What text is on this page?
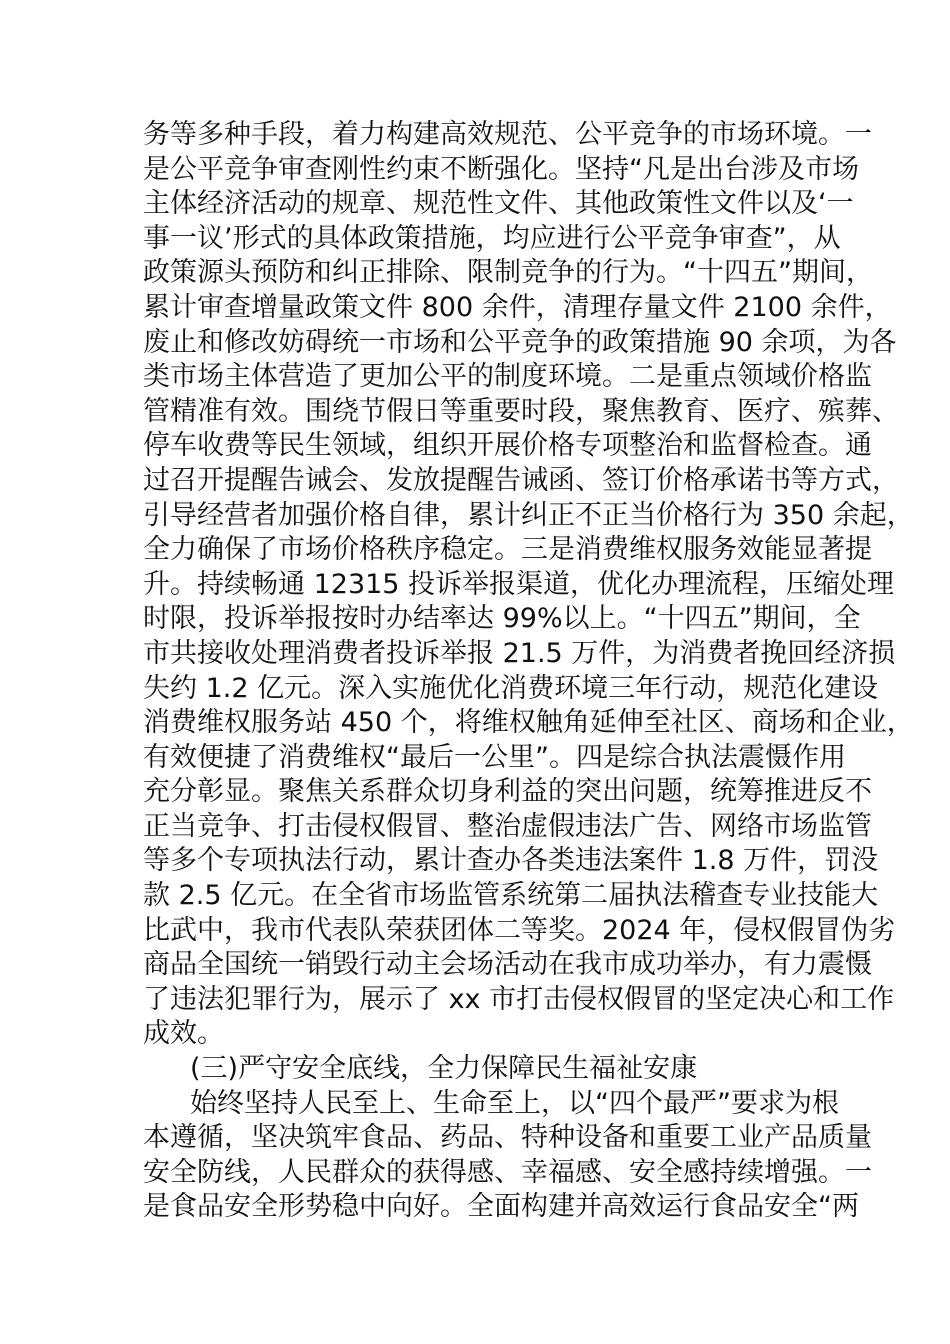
务等多种手段，着力构建高效规范、公平竞争的市场环境。一
是公平竞争审查刚性约束不断强化。坚持“凡是出台涉及市场
主体经济活动的规章、规范性文件、其他政策性文件以及‘一
事一议’形式的具体政策措施，均应进行公平竞争审查”，从
政策源头预防和纠正排除、限制竞争的行为。“十四五”期间，
累计审查增量政策文件 800 余件，清理存量文件 2100 余件，
废止和修改妨碍统一市场和公平竞争的政策措施 90 余项，为各
类市场主体营造了更加公平的制度环境。二是重点领域价格监
管精准有效。围绕节假日等重要时段，聚焦教育、医疗、殡葬、
停车收费等民生领域，组织开展价格专项整治和监督检查。通
过召开提醒告诫会、发放提醒告诫函、签订价格承诺书等方式，
引导经营者加强价格自律，累计纠正不正当价格行为 350 余起，
全力确保了市场价格秩序稳定。三是消费维权服务效能显著提
升。持续畅通 12315 投诉举报渠道，优化办理流程，压缩处理
时限，投诉举报按时办结率达 99%以上。“十四五”期间，全
市共接收处理消费者投诉举报 21.5 万件，为消费者挽回经济损
失约 1.2 亿元。深入实施优化消费环境三年行动，规范化建设
消费维权服务站 450 个，将维权触角延伸至社区、商场和企业，
有效便捷了消费维权“最后一公里”。四是综合执法震慑作用
充分彰显。聚焦关系群众切身利益的突出问题，统筹推进反不
正当竞争、打击侵权假冒、整治虚假违法广告、网络市场监管
等多个专项执法行动，累计查办各类违法案件 1.8 万件，罚没
款 2.5 亿元。在全省市场监管系统第二届执法稽查专业技能大
比武中，我市代表队荣获团体二等奖。2024 年，侵权假冒伪劣
商品全国统一销毁行动主会场活动在我市成功举办，有力震慑
了违法犯罪行为，展示了 xx 市打击侵权假冒的坚定决心和工作
成效。
(三)严守安全底线，全力保障民生福祉安康
始终坚持人民至上、生命至上，以“四个最严”要求为根
本遵循，坚决筑牢食品、药品、特种设备和重要工业产品质量
安全防线，人民群众的获得感、幸福感、安全感持续增强。一
是食品安全形势稳中向好。全面构建并高效运行食品安全“两
